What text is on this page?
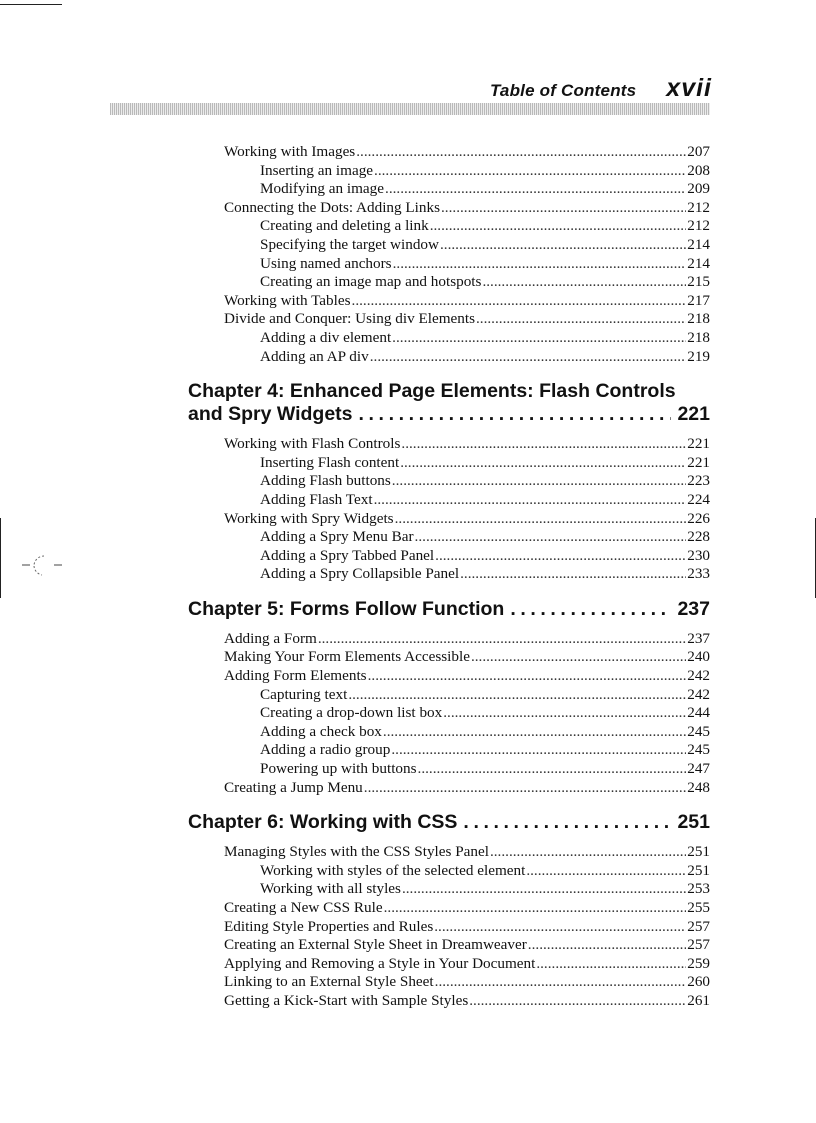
Table of Contents xvii
Working with Images .....	207
Inserting an image .....	208
Modifying an image .....	209
Connecting the Dots: Adding Links .....	212
Creating and deleting a link .....	212
Specifying the target window .....	214
Using named anchors .....	214
Creating an image map and hotspots .....	215
Working with Tables .....	217
Divide and Conquer: Using div Elements .....	218
Adding a div element .....	218
Adding an AP div .....	219
Chapter 4: Enhanced Page Elements: Flash Controls
and Spry Widgets .....	221
Working with Flash Controls .....	221
Inserting Flash content .....	221
Adding Flash buttons .....	223
Adding Flash Text .....	224
Working with Spry Widgets .....	226
Adding a Spry Menu Bar .....	228
Adding a Spry Tabbed Panel .....	230
Adding a Spry Collapsible Panel .....	233
Chapter 5: Forms Follow Function .....	237
Adding a Form .....	237
Making Your Form Elements Accessible .....	240
Adding Form Elements .....	242
Capturing text .....	242
Creating a drop-down list box .....	244
Adding a check box .....	245
Adding a radio group .....	245
Powering up with buttons .....	247
Creating a Jump Menu .....	248
Chapter 6: Working with CSS .....	251
Managing Styles with the CSS Styles Panel .....	251
Working with styles of the selected element .....	251
Working with all styles .....	253
Creating a New CSS Rule .....	255
Editing Style Properties and Rules .....	257
Creating an External Style Sheet in Dreamweaver .....	257
Applying and Removing a Style in Your Document .....	259
Linking to an External Style Sheet .....	260
Getting a Kick-Start with Sample Styles .....	261
